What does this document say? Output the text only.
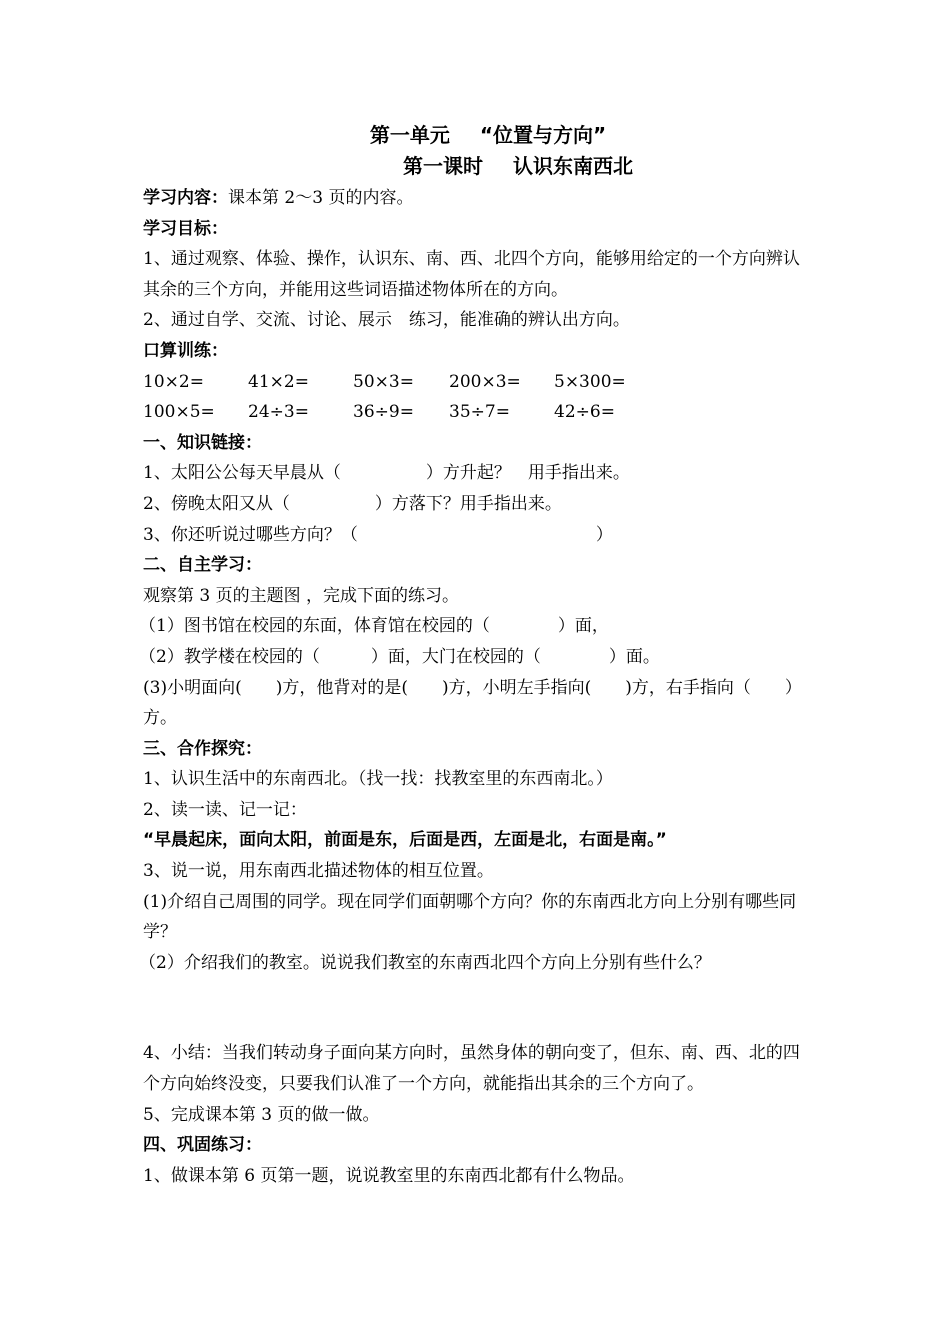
第一单元 “位置与方向”
第一课时 认识东南西北
学习内容：课本第 2～3 页的内容。
学习目标：
1、通过观察、体验、操作，认识东、南、西、北四个方向，能够用给定的一个方向辨认其余的三个方向，并能用这些词语描述物体所在的方向。
2、通过自学、交流、讨论、展示　练习，能准确的辨认出方向。
口算训练：
10×2=	41×2=	50×3=	200×3=	5×300=
100×5=	24÷3=	36÷9=	35÷7=	42÷6=
一、知识链接：
1、太阳公公每天早晨从（　　　　　）方升起？　用手指出来。
2、傍晚太阳又从（　　　　　）方落下？用手指出来。
3、你还听说过哪些方向？（　　　　　　　　　　　　　　）
二、自主学习：
观察第 3 页的主题图 ，完成下面的练习。
（1）图书馆在校园的东面，体育馆在校园的（　　　　）面，
（2）教学楼在校园的（　　　）面，大门在校园的（　　　　）面。
(3)小明面向(　　)方，他背对的是(　　)方，小明左手指向(　　)方，右手指向（　　）方。
三、合作探究：
1、认识生活中的东南西北。（找一找：找教室里的东西南北。）
2、读一读、记一记：
“早晨起床，面向太阳，前面是东，后面是西，左面是北，右面是南。”
3、说一说，用东南西北描述物体的相互位置。
(1)介绍自己周围的同学。现在同学们面朝哪个方向？你的东南西北方向上分别有哪些同学？
（2）介绍我们的教室。说说我们教室的东南西北四个方向上分别有些什么？
4、小结：当我们转动身子面向某方向时，虽然身体的朝向变了，但东、南、西、北的四个方向始终没变，只要我们认准了一个方向，就能指出其余的三个方向了。
5、完成课本第 3 页的做一做。
四、巩固练习：
1、做课本第 6 页第一题，说说教室里的东南西北都有什么物品。
